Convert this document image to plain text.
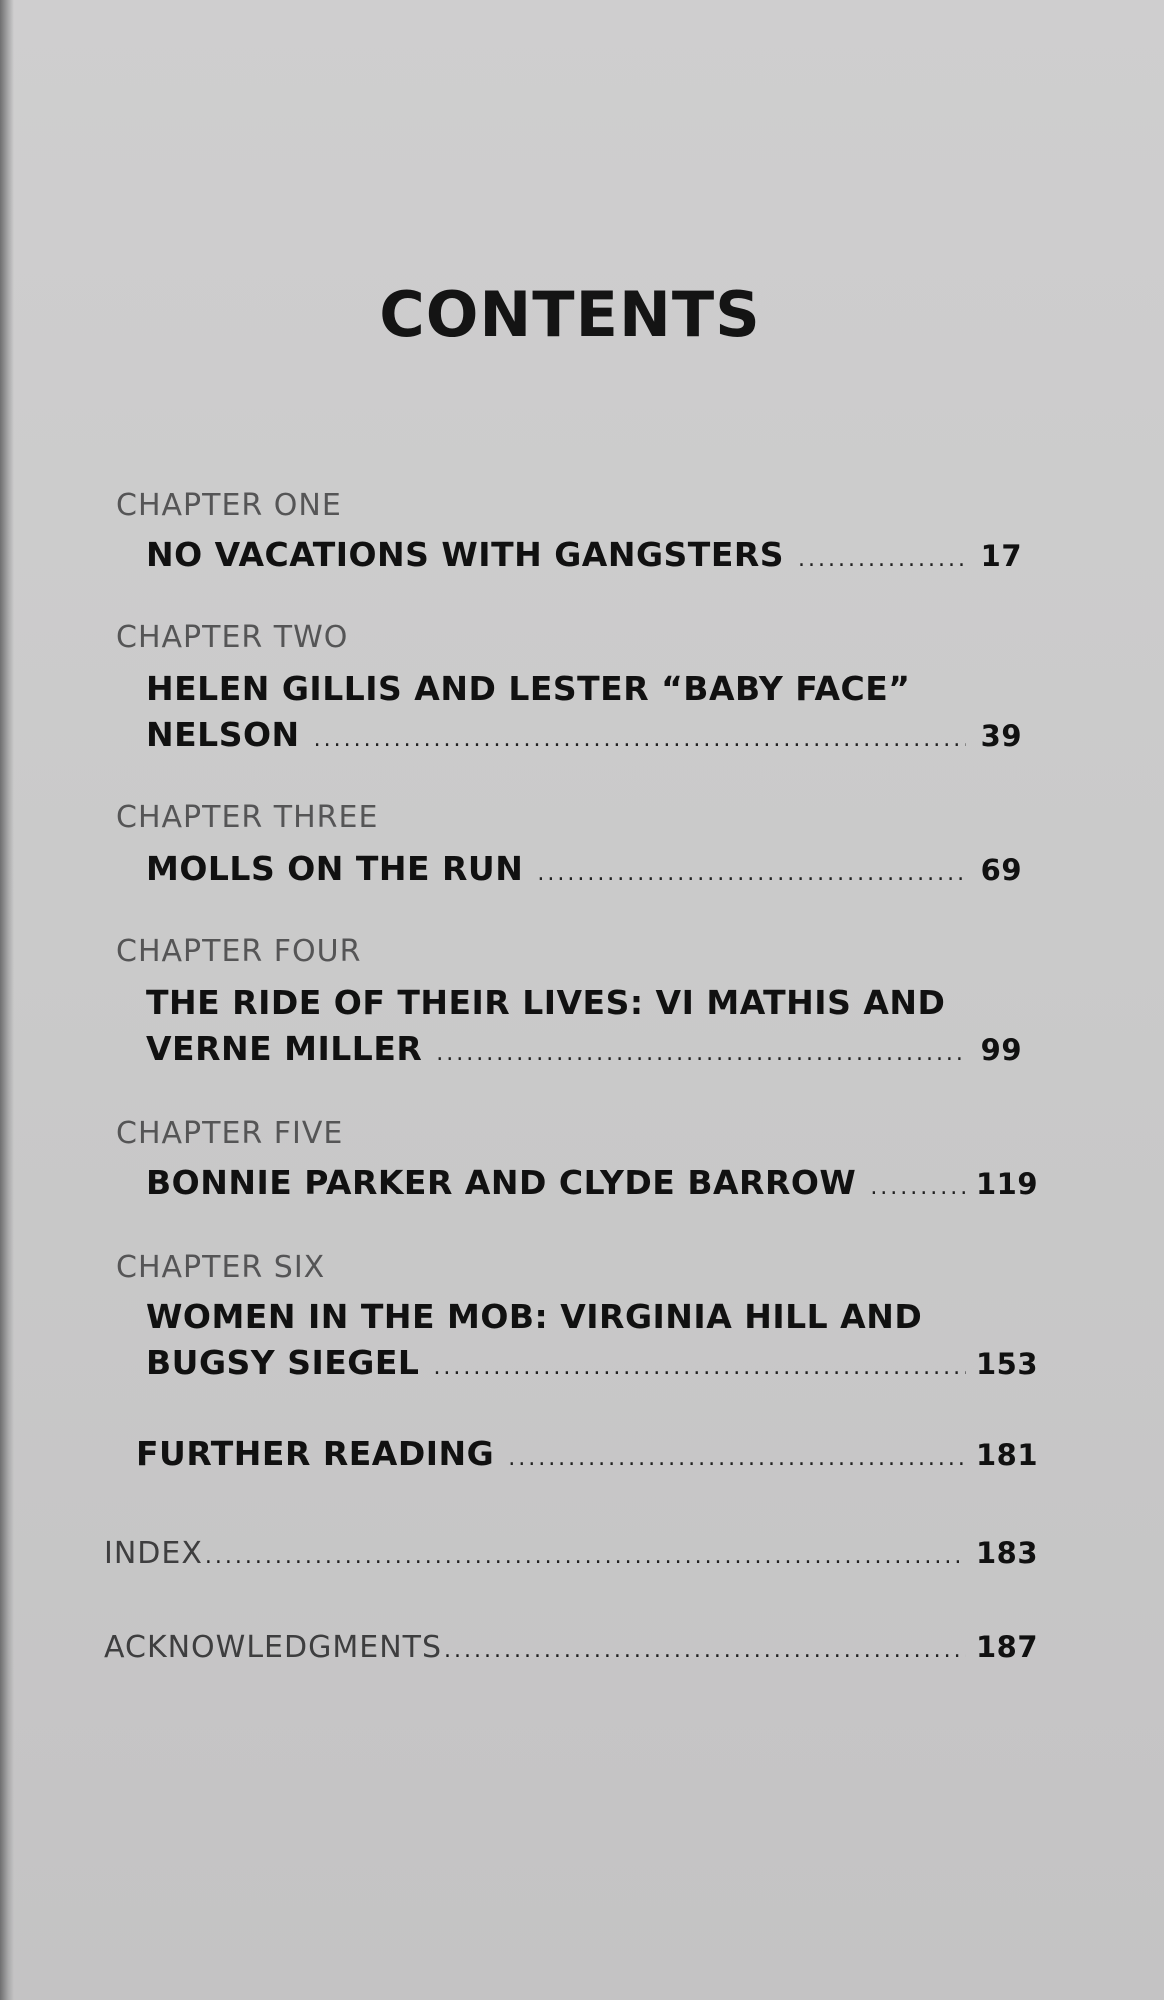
CONTENTS
CHAPTER ONE
NO VACATIONS WITH GANGSTERS .....	17
CHAPTER TWO
HELEN GILLIS AND LESTER “BABY FACE”
NELSON .....	39
CHAPTER THREE
MOLLS ON THE RUN .....	69
CHAPTER FOUR
THE RIDE OF THEIR LIVES: VI MATHIS AND
VERNE MILLER .....	99
CHAPTER FIVE
BONNIE PARKER AND CLYDE BARROW .....	119
CHAPTER SIX
WOMEN IN THE MOB: VIRGINIA HILL AND
BUGSY SIEGEL .....	153
FURTHER READING .....	181
INDEX .....	183
ACKNOWLEDGMENTS .....	187
